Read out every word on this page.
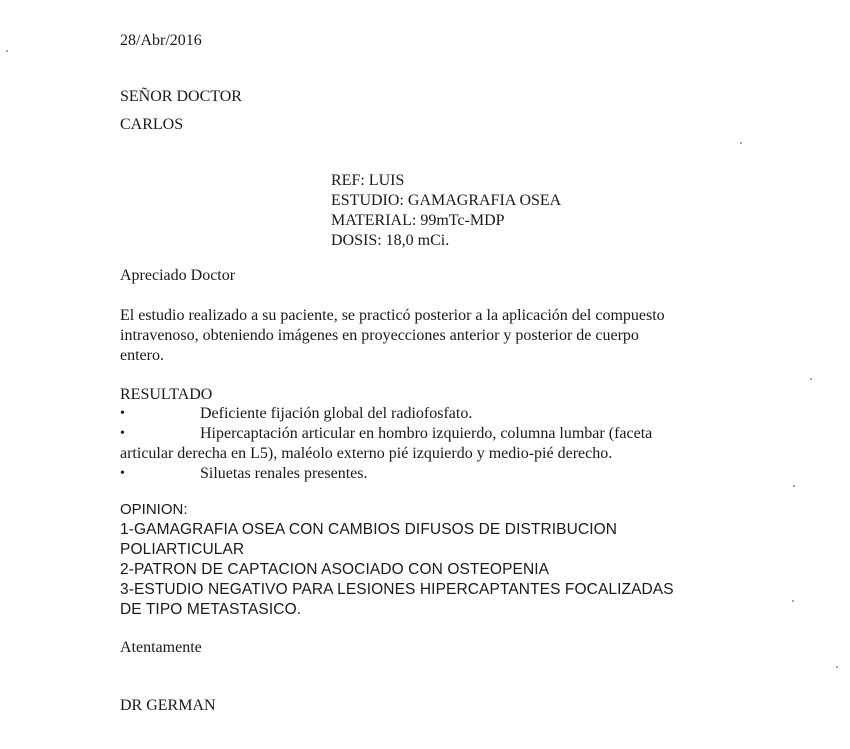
28/Abr/2016
SEÑOR DOCTOR
CARLOS
REF: LUIS
ESTUDIO: GAMAGRAFIA OSEA
MATERIAL: 99mTc-MDP
DOSIS: 18,0 mCi.
Apreciado Doctor
El estudio realizado a su paciente, se practicó posterior a la aplicación del compuesto
intravenoso, obteniendo imágenes en proyecciones anterior y posterior de cuerpo
entero.
RESULTADO
•	Deficiente fijación global del radiofosfato.
•	Hipercaptación articular en hombro izquierdo, columna lumbar (faceta
articular derecha en L5), maléolo externo pié izquierdo y medio-pié derecho.
•	Siluetas renales presentes.
OPINION:
1-GAMAGRAFIA OSEA CON CAMBIOS DIFUSOS DE DISTRIBUCION
POLIARTICULAR
2-PATRON DE CAPTACION ASOCIADO CON OSTEOPENIA
3-ESTUDIO NEGATIVO PARA LESIONES HIPERCAPTANTES FOCALIZADAS
DE TIPO METASTASICO.
Atentamente
DR GERMAN
